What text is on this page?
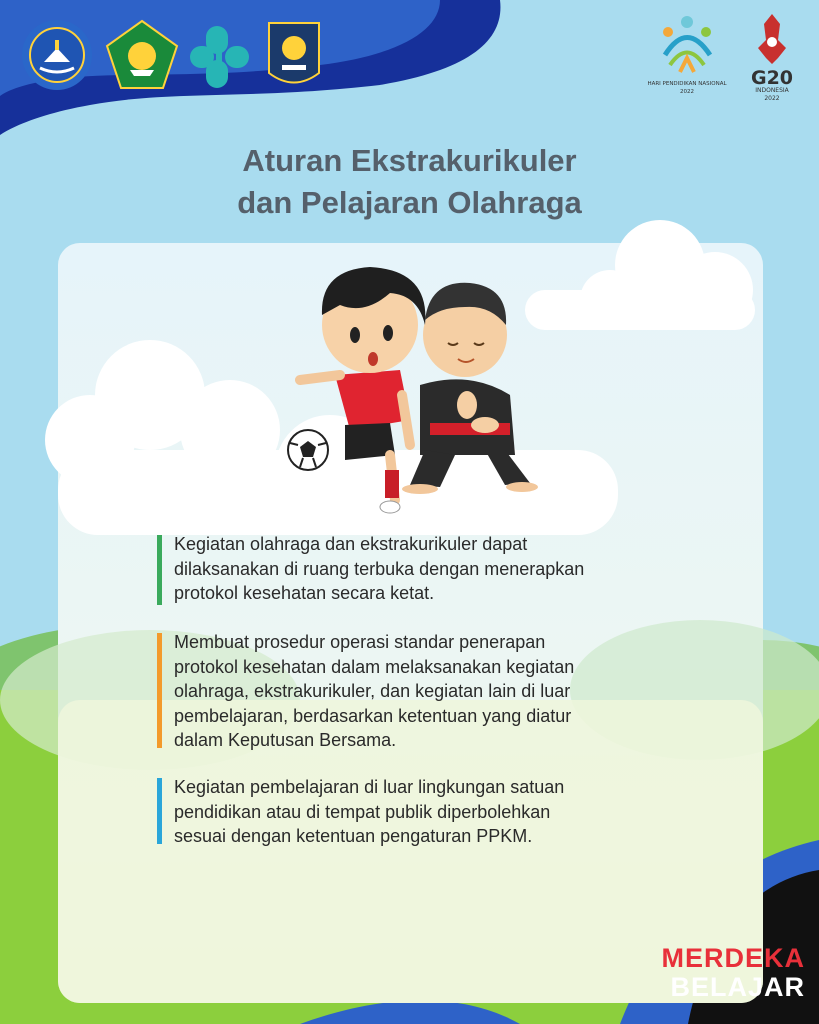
HARI PENDIDIKAN NASIONAL
2022
G20
INDONESIA
2022
Aturan Ekstrakurikuler
dan Pelajaran Olahraga
Kegiatan olahraga dan ekstrakurikuler dapat
dilaksanakan di ruang terbuka dengan menerapkan
protokol kesehatan secara ketat.
Membuat prosedur operasi standar penerapan
protokol kesehatan dalam melaksanakan kegiatan
olahraga, ekstrakurikuler, dan kegiatan lain di luar
pembelajaran, berdasarkan ketentuan yang diatur
dalam Keputusan Bersama.
Kegiatan pembelajaran di luar lingkungan satuan
pendidikan atau di tempat publik diperbolehkan
sesuai dengan ketentuan pengaturan PPKM.
MERDEKA
BELAJAR
